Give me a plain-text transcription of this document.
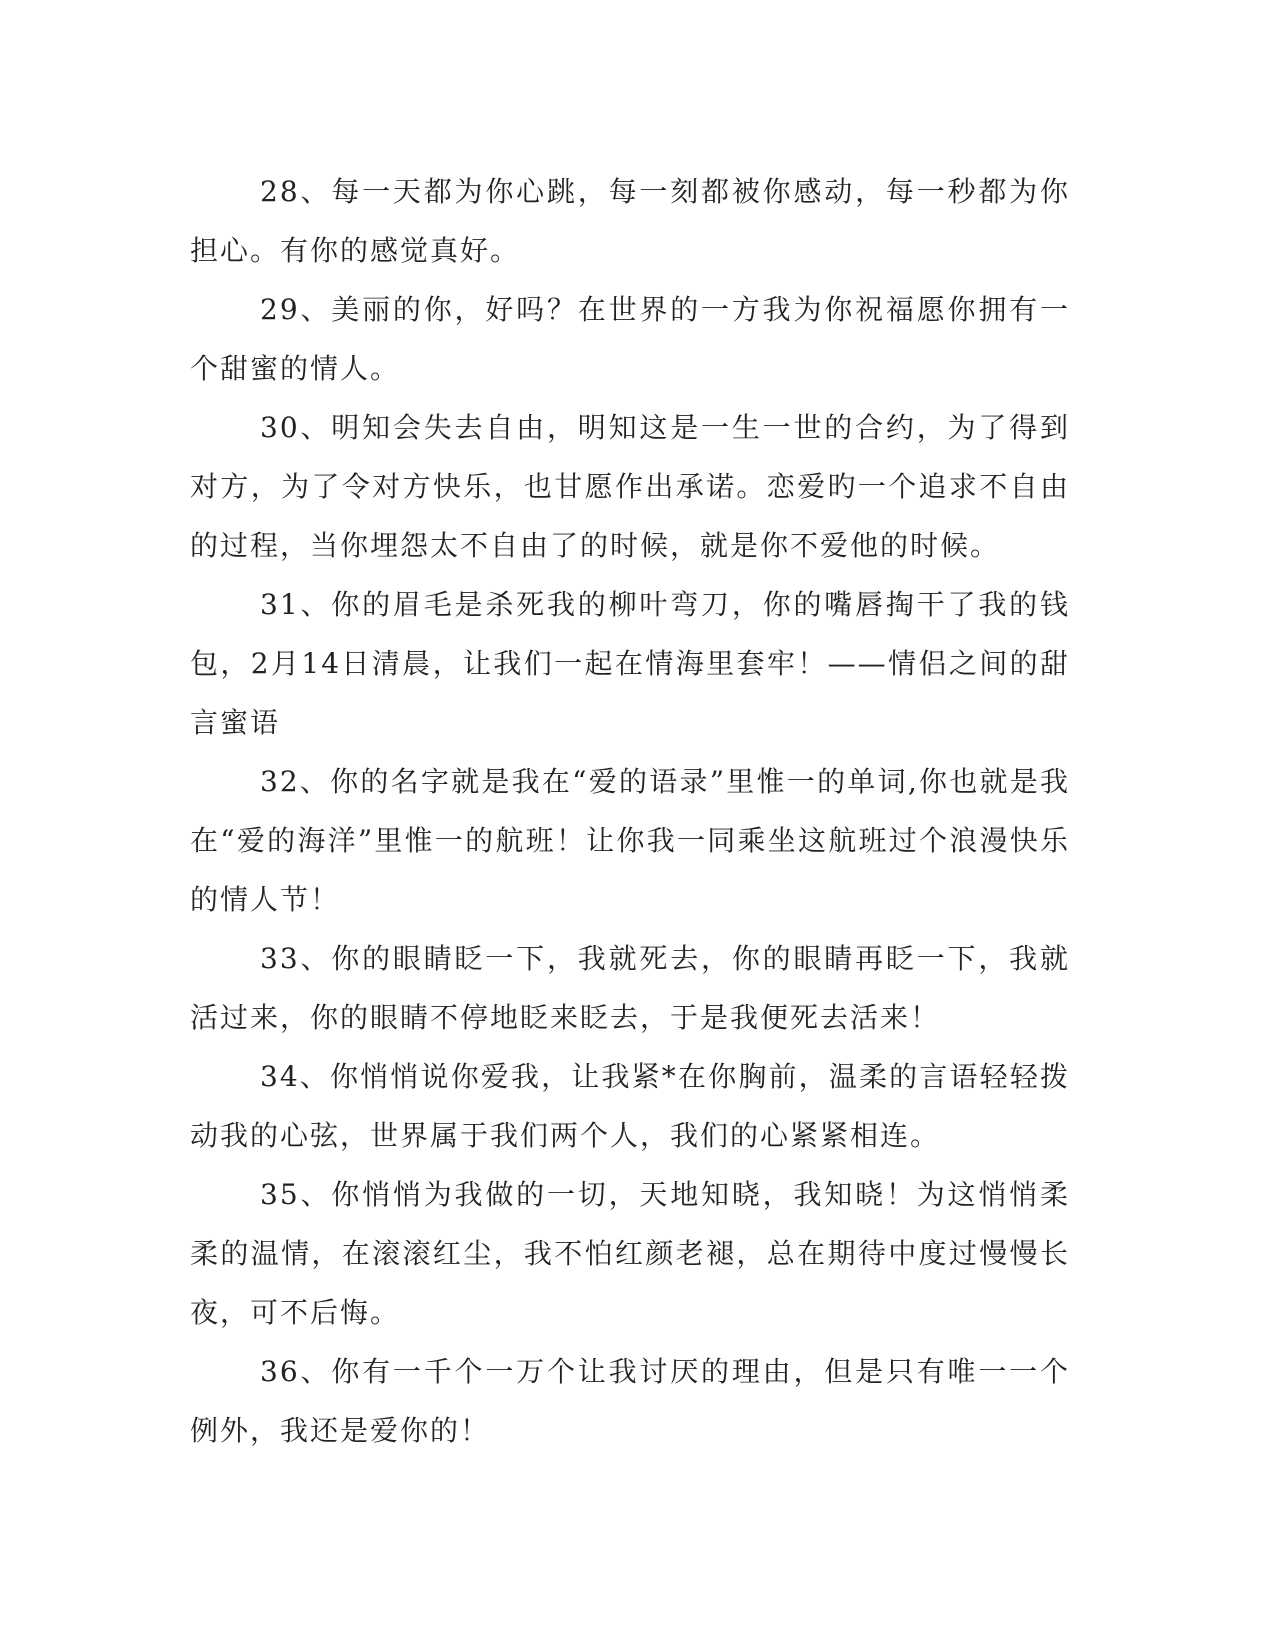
28、每一天都为你心跳，每一刻都被你感动，每一秒都为你担心。有你的感觉真好。

29、美丽的你，好吗？在世界的一方我为你祝福愿你拥有一个甜蜜的情人。

30、明知会失去自由，明知这是一生一世的合约，为了得到对方，为了令对方快乐，也甘愿作出承诺。恋爱旳一个追求不自由的过程，当你埋怨太不自由了的时候，就是你不爱他的时候。

31、你的眉毛是杀死我的柳叶弯刀，你的嘴唇掏干了我的钱包，2月14日清晨，让我们一起在情海里套牢！——情侣之间的甜言蜜语

32、你的名字就是我在“爱的语录”里惟一的单词,你也就是我在“爱的海洋”里惟一的航班！让你我一同乘坐这航班过个浪漫快乐的情人节！

33、你的眼睛眨一下，我就死去，你的眼睛再眨一下，我就活过来，你的眼睛不停地眨来眨去，于是我便死去活来！

34、你悄悄说你爱我，让我紧*在你胸前，温柔的言语轻轻拨动我的心弦，世界属于我们两个人，我们的心紧紧相连。

35、你悄悄为我做的一切，天地知晓，我知晓！为这悄悄柔柔的温情，在滚滚红尘，我不怕红颜老褪，总在期待中度过慢慢长夜，可不后悔。

36、你有一千个一万个让我讨厌的理由，但是只有唯一一个例外，我还是爱你的！
